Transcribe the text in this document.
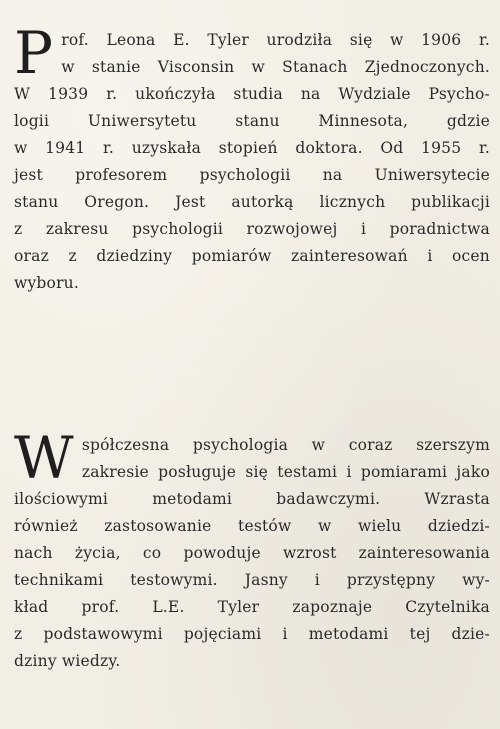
P rof. Leona E. Tyler urodziła się w 1906 r.
w stanie Visconsin w Stanach Zjednoczonych.
W 1939 r. ukończyła studia na Wydziale Psycho-
logii Uniwersytetu stanu Minnesota, gdzie
w 1941 r. uzyskała stopień doktora. Od 1955 r.
jest profesorem psychologii na Uniwersytecie
stanu Oregon. Jest autorką licznych publikacji
z zakresu psychologii rozwojowej i poradnictwa
oraz z dziedziny pomiarów zainteresowań i ocen
wyboru.
W spółczesna psychologia w coraz szerszym
zakresie posługuje się testami i pomiarami jako
ilościowymi metodami badawczymi. Wzrasta
również zastosowanie testów w wielu dziedzi-
nach życia, co powoduje wzrost zainteresowania
technikami testowymi. Jasny i przystępny wy-
kład prof. L.E. Tyler zapoznaje Czytelnika
z podstawowymi pojęciami i metodami tej dzie-
dziny wiedzy.
